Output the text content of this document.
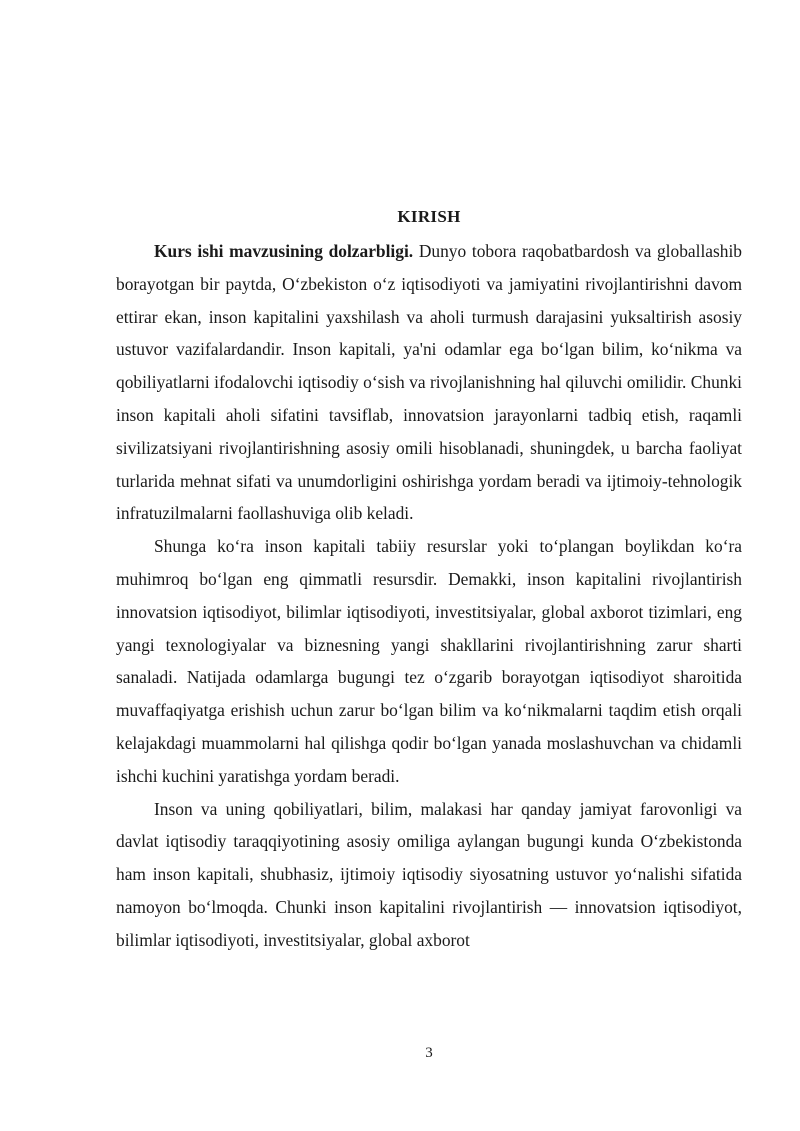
KIRISH

Kurs ishi mavzusining dolzarbligi. Dunyo tobora raqobatbardosh va globallashib borayotgan bir paytda, O‘zbekiston o‘z iqtisodiyoti va jamiyatini rivojlantirishni davom ettirar ekan, inson kapitalini yaxshilash va aholi turmush darajasini yuksaltirish asosiy ustuvor vazifalardandir. Inson kapitali, ya'ni odamlar ega bo‘lgan bilim, ko‘nikma va qobiliyatlarni ifodalovchi iqtisodiy o‘sish va rivojlanishning hal qiluvchi omilidir. Chunki inson kapitali aholi sifatini tavsiflab, innovatsion jarayonlarni tadbiq etish, raqamli sivilizatsiyani rivojlantirishning asosiy omili hisoblanadi, shuningdek, u barcha faoliyat turlarida mehnat sifati va unumdorligini oshirishga yordam beradi va ijtimoiy-tehnologik infratuzilmalarni faollashuviga olib keladi.

Shunga ko‘ra inson kapitali tabiiy resurslar yoki to‘plangan boylikdan ko‘ra muhimroq bo‘lgan eng qimmatli resursdir. Demakki, inson kapitalini rivojlantirish innovatsion iqtisodiyot, bilimlar iqtisodiyoti, investitsiyalar, global axborot tizimlari, eng yangi texnologiyalar va biznesning yangi shakllarini rivojlantirishning zarur sharti sanaladi. Natijada odamlarga bugungi tez o‘zgarib borayotgan iqtisodiyot sharoitida muvaffaqiyatga erishish uchun zarur bo‘lgan bilim va ko‘nikmalarni taqdim etish orqali kelajakdagi muammolarni hal qilishga qodir bo‘lgan yanada moslashuvchan va chidamli ishchi kuchini yaratishga yordam beradi.

Inson va uning qobiliyatlari, bilim, malakasi har qanday jamiyat farovonligi va davlat iqtisodiy taraqqiyotining asosiy omiliga aylangan bugungi kunda O‘zbekistonda ham inson kapitali, shubhasiz, ijtimoiy iqtisodiy siyosatning ustuvor yo‘nalishi sifatida namoyon bo‘lmoqda. Chunki inson kapitalini rivojlantirish — innovatsion iqtisodiyot, bilimlar iqtisodiyoti, investitsiyalar, global axborot

3
